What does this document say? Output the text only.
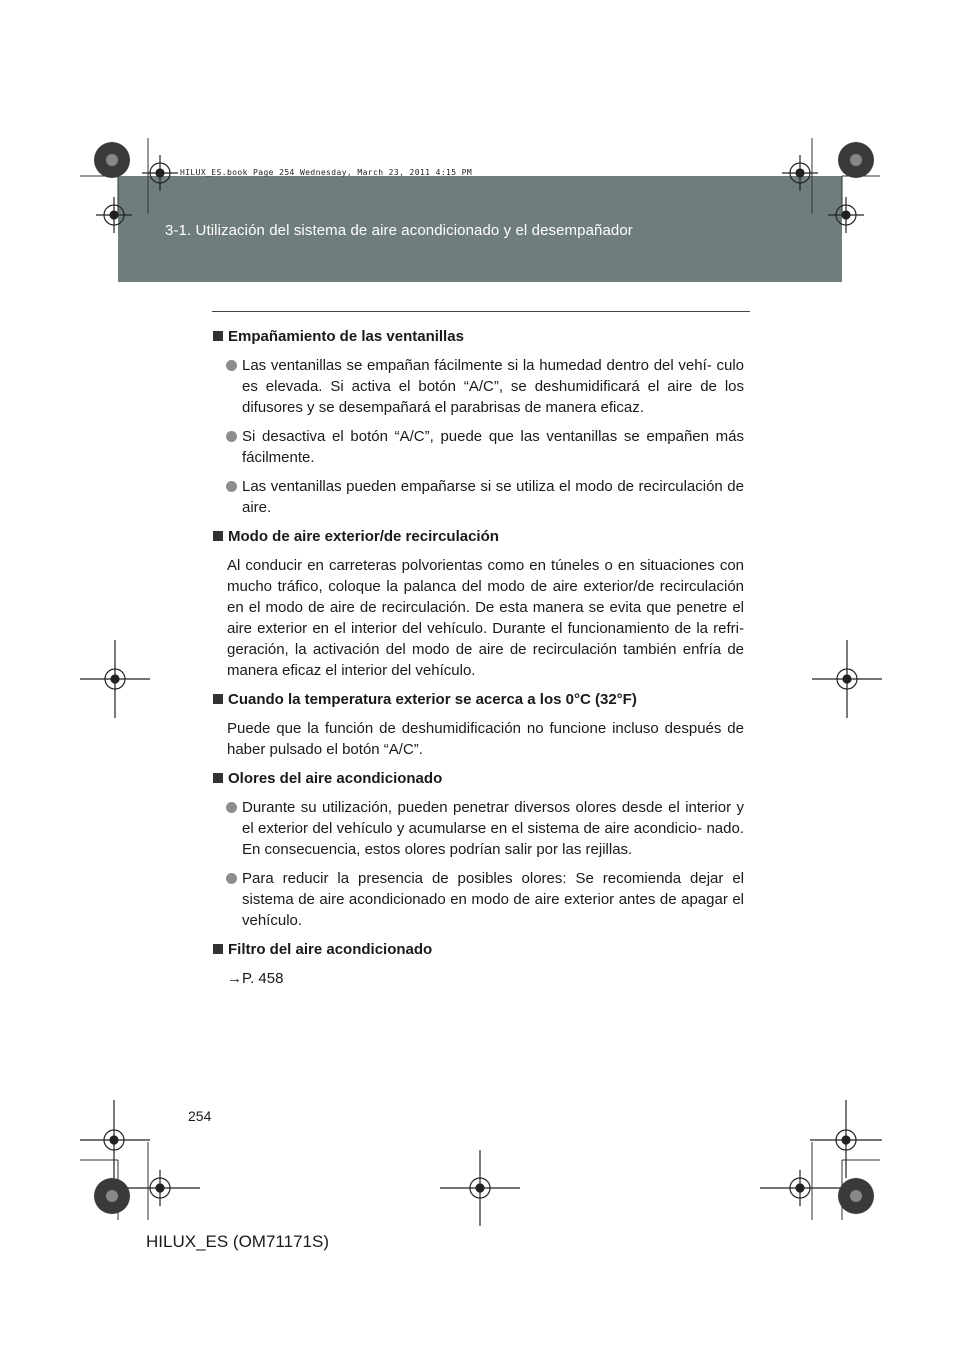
3-1. Utilización del sistema de aire acondicionado y el desempañador
HILUX_ES.book Page 254 Wednesday, March 23, 2011 4:15 PM
Empañamiento de las ventanillas
Las ventanillas se empañan fácilmente si la humedad dentro del vehí- culo es elevada. Si activa el botón “A/C”, se deshumidificará el aire de los difusores y se desempañará el parabrisas de manera eficaz.
Si desactiva el botón “A/C”, puede que las ventanillas se empañen más fácilmente.
Las ventanillas pueden empañarse si se utiliza el modo de recirculación de aire.
Modo de aire exterior/de recirculación
Al conducir en carreteras polvorientas como en túneles o en situaciones con mucho tráfico, coloque la palanca del modo de aire exterior/de recirculación en el modo de aire de recirculación. De esta manera se evita que penetre el aire exterior en el interior del vehículo. Durante el funcionamiento de la refri- geración, la activación del modo de aire de recirculación también enfría de manera eficaz el interior del vehículo.
Cuando la temperatura exterior se acerca a los 0°C (32°F)
Puede que la función de deshumidificación no funcione incluso después de haber pulsado el botón “A/C”.
Olores del aire acondicionado
Durante su utilización, pueden penetrar diversos olores desde el interior y el exterior del vehículo y acumularse en el sistema de aire acondicio- nado. En consecuencia, estos olores podrían salir por las rejillas.
Para reducir la presencia de posibles olores: Se recomienda dejar el sistema de aire acondicionado en modo de aire exterior antes de apagar el vehículo.
Filtro del aire acondicionado
→P. 458
254
HILUX_ES (OM71171S)
